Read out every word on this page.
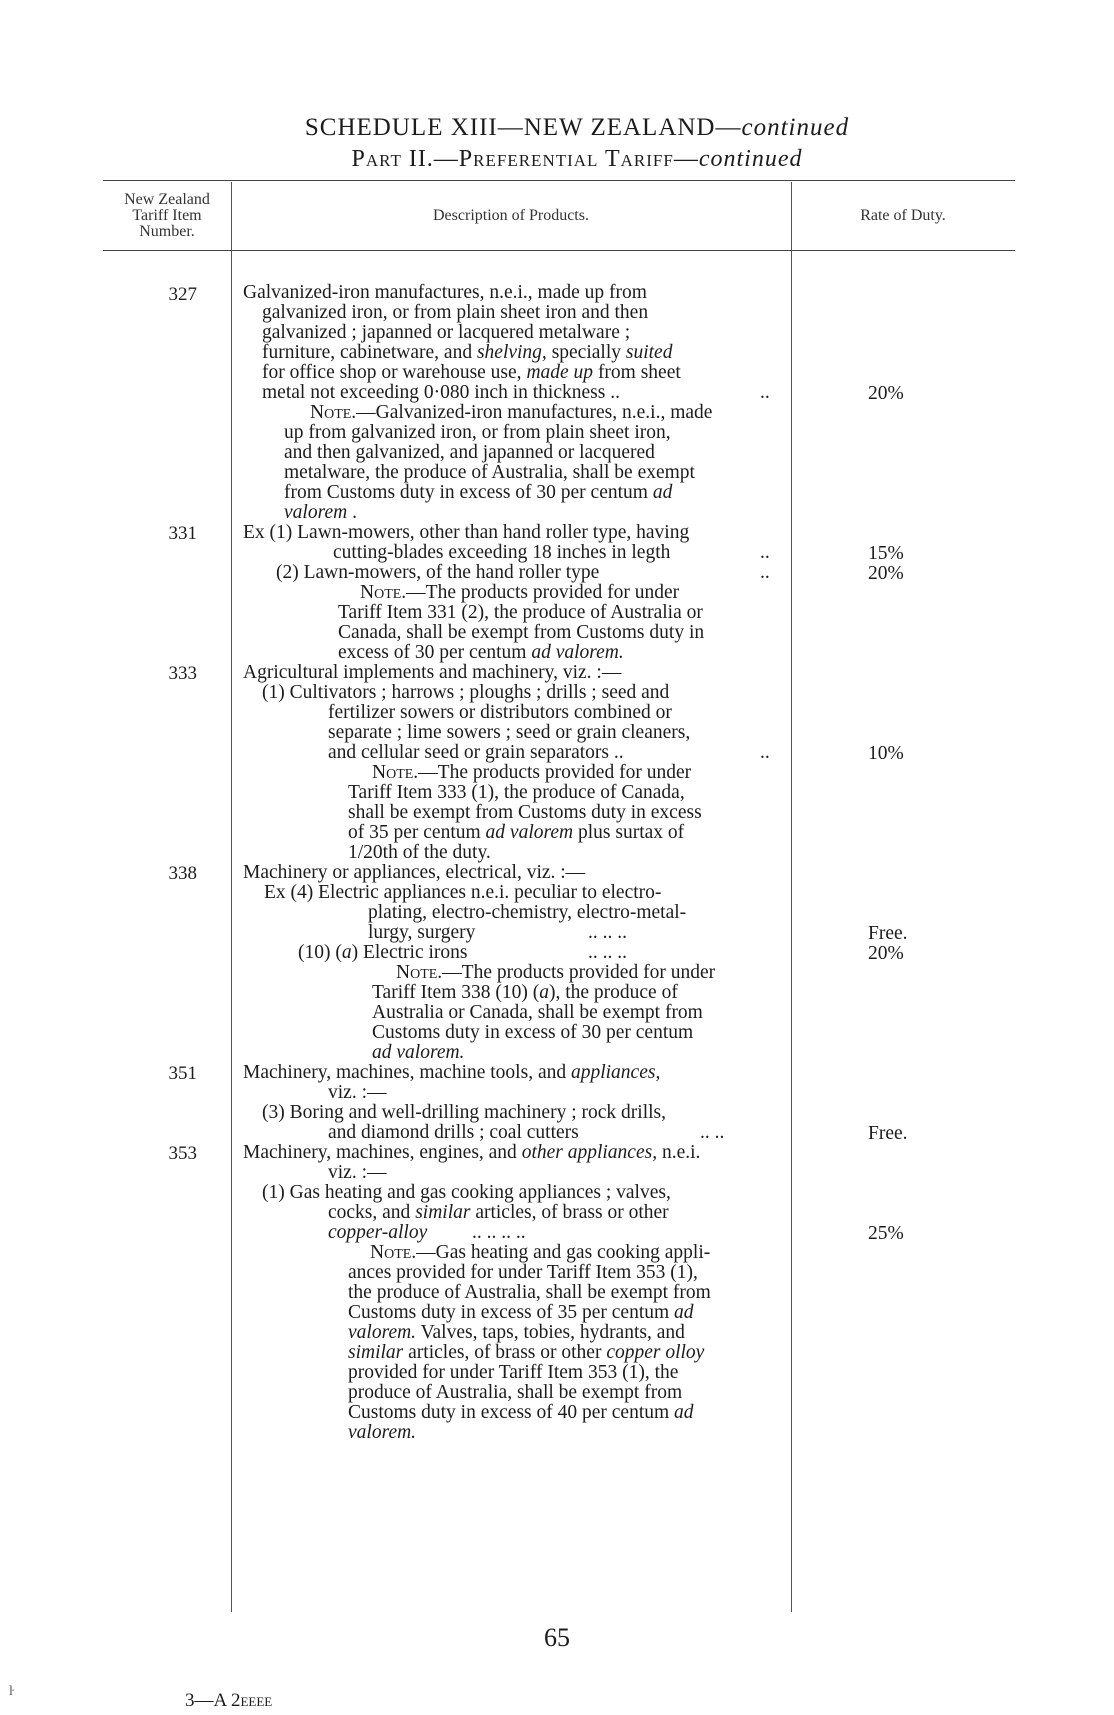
SCHEDULE XIII—NEW ZEALAND—continued
Part II.—Preferential Tariff—continued
New Zealand
Tariff Item
Number.
Description of Products.	Rate of Duty.
327 Galvanized-iron manufactures, n.e.i., made up from
galvanized iron, or from plain sheet iron and then
galvanized ; japanned or lacquered metalware ;
furniture, cabinetware, and shelving, specially suited
for office shop or warehouse use, made up from sheet
metal not exceeding 0·080 inch in thickness ..	..	20%
Note.—Galvanized-iron manufactures, n.e.i., made
up from galvanized iron, or from plain sheet iron,
and then galvanized, and japanned or lacquered
metalware, the produce of Australia, shall be exempt
from Customs duty in excess of 30 per centum ad
valorem .
331 Ex (1) Lawn-mowers, other than hand roller type, having
cutting-blades exceeding 18 inches in legth	..	15%
(2) Lawn-mowers, of the hand roller type	..	20%
Note.—The products provided for under
Tariff Item 331 (2), the produce of Australia or
Canada, shall be exempt from Customs duty in
excess of 30 per centum ad valorem.
333 Agricultural implements and machinery, viz. :—
(1) Cultivators ; harrows ; ploughs ; drills ; seed and
fertilizer sowers or distributors combined or
separate ; lime sowers ; seed or grain cleaners,
and cellular seed or grain separators ..	..	10%
Note.—The products provided for under
Tariff Item 333 (1), the produce of Canada,
shall be exempt from Customs duty in excess
of 35 per centum ad valorem plus surtax of
1/20th of the duty.
338 Machinery or appliances, electrical, viz. :—
Ex (4) Electric appliances n.e.i. peculiar to electro-
plating, electro-chemistry, electro-metal-
lurgy, surgery	.. .. ..	Free.
(10) (a) Electric irons	.. .. ..	20%
Note.—The products provided for under
Tariff Item 338 (10) (a), the produce of
Australia or Canada, shall be exempt from
Customs duty in excess of 30 per centum
ad valorem.
351 Machinery, machines, machine tools, and appliances,
viz. :—
(3) Boring and well-drilling machinery ; rock drills,
and diamond drills ; coal cutters	.. ..	Free.
353 Machinery, machines, engines, and other appliances, n.e.i.
viz. :—
(1) Gas heating and gas cooking appliances ; valves,
cocks, and similar articles, of brass or other
copper-alloy .. .. .. ..	25%
Note.—Gas heating and gas cooking appli-
ances provided for under Tariff Item 353 (1),
the produce of Australia, shall be exempt from
Customs duty in excess of 35 per centum ad
valorem. Valves, taps, tobies, hydrants, and
similar articles, of brass or other copper olloy
provided for under Tariff Item 353 (1), the
produce of Australia, shall be exempt from
Customs duty in excess of 40 per centum ad
valorem.
65
3—A 2eeee
ŀ
